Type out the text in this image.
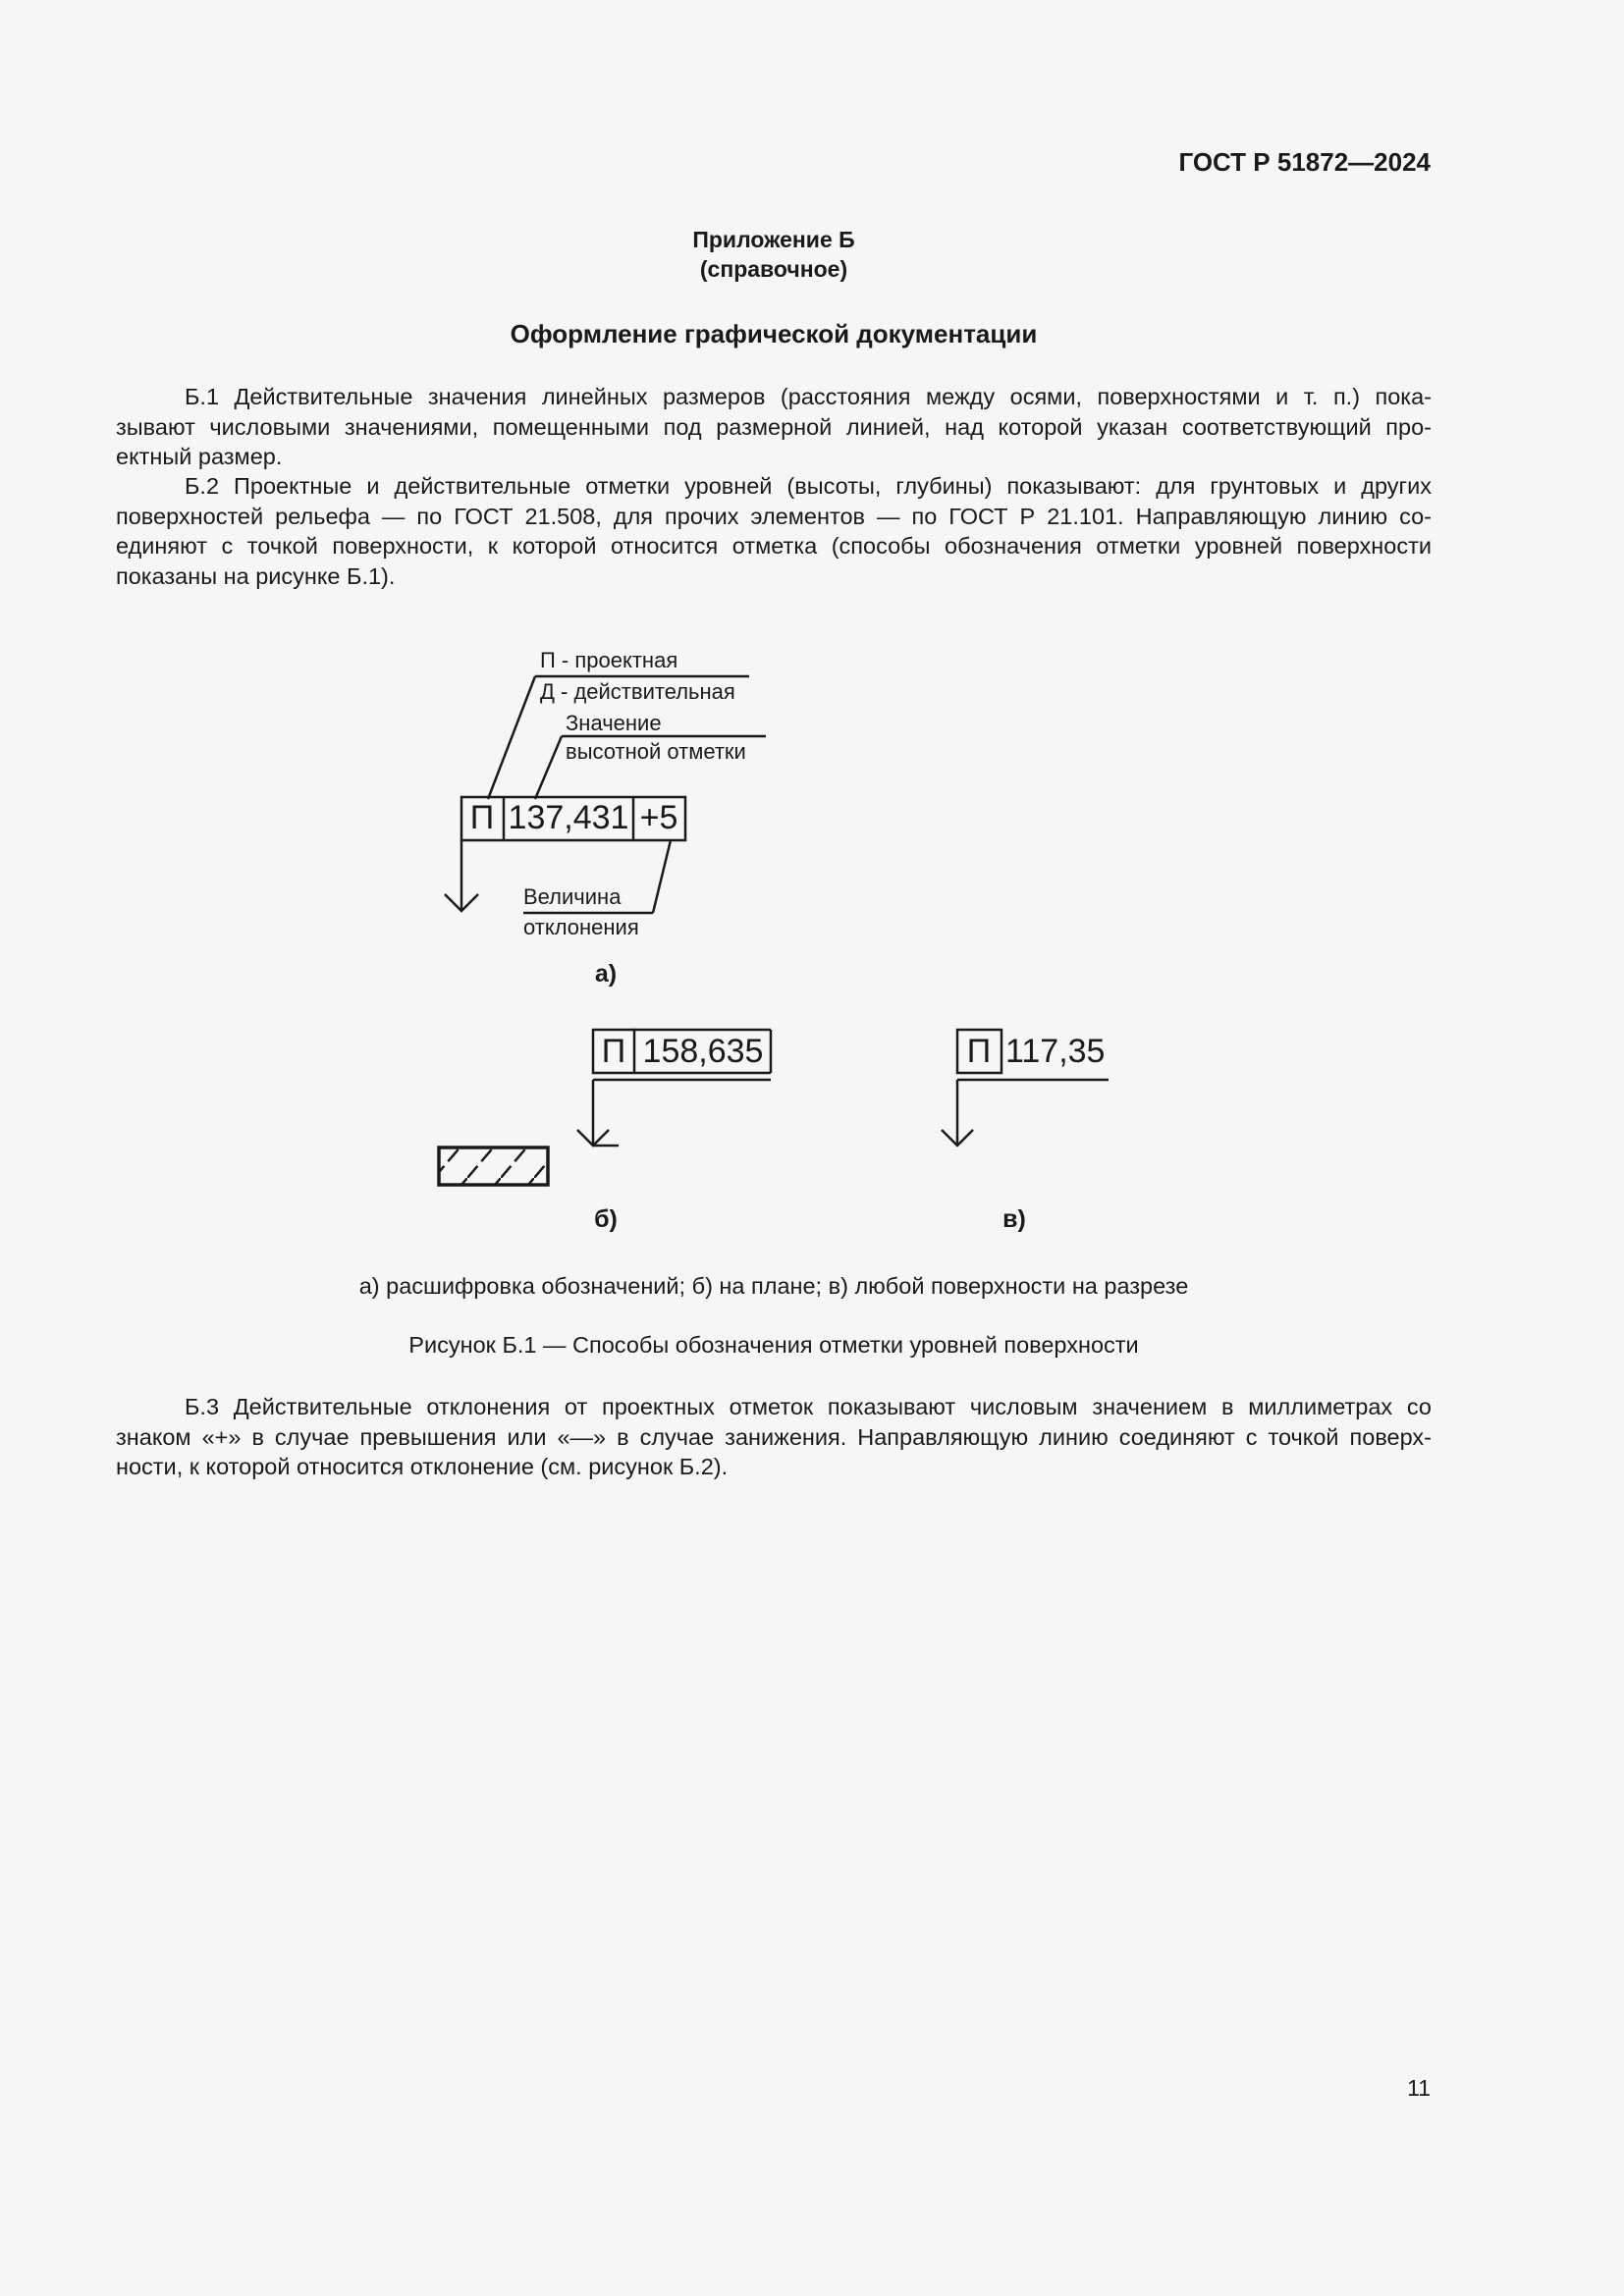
ГОСТ Р 51872—2024
Приложение Б
(справочное)
Оформление графической документации

Б.1 Действительные значения линейных размеров (расстояния между осями, поверхностями и т. п.) пока-
зывают числовыми значениями, помещенными под размерной линией, над которой указан соответствующий про-
ектный размер.

Б.2 Проектные и действительные отметки уровней (высоты, глубины) показывают: для грунтовых и других
поверхностей рельефа — по ГОСТ 21.508, для прочих элементов — по ГОСТ Р 21.101. Направляющую линию со-
единяют с точкой поверхности, к которой относится отметка (способы обозначения отметки уровней поверхности
показаны на рисунке Б.1).

П - проектная
Д - действительная
Значение
высотной отметки
П 137,431 +5
Величина
отклонения
а)
П 158,635
б)
П 117,35
в)
а) расшифровка обозначений; б) на плане; в) любой поверхности на разрезе
Рисунок Б.1 — Способы обозначения отметки уровней поверхности

Б.3 Действительные отклонения от проектных отметок показывают числовым значением в миллиметрах со
знаком «+» в случае превышения или «—» в случае занижения. Направляющую линию соединяют с точкой поверх-
ности, к которой относится отклонение (см. рисунок Б.2).

11
